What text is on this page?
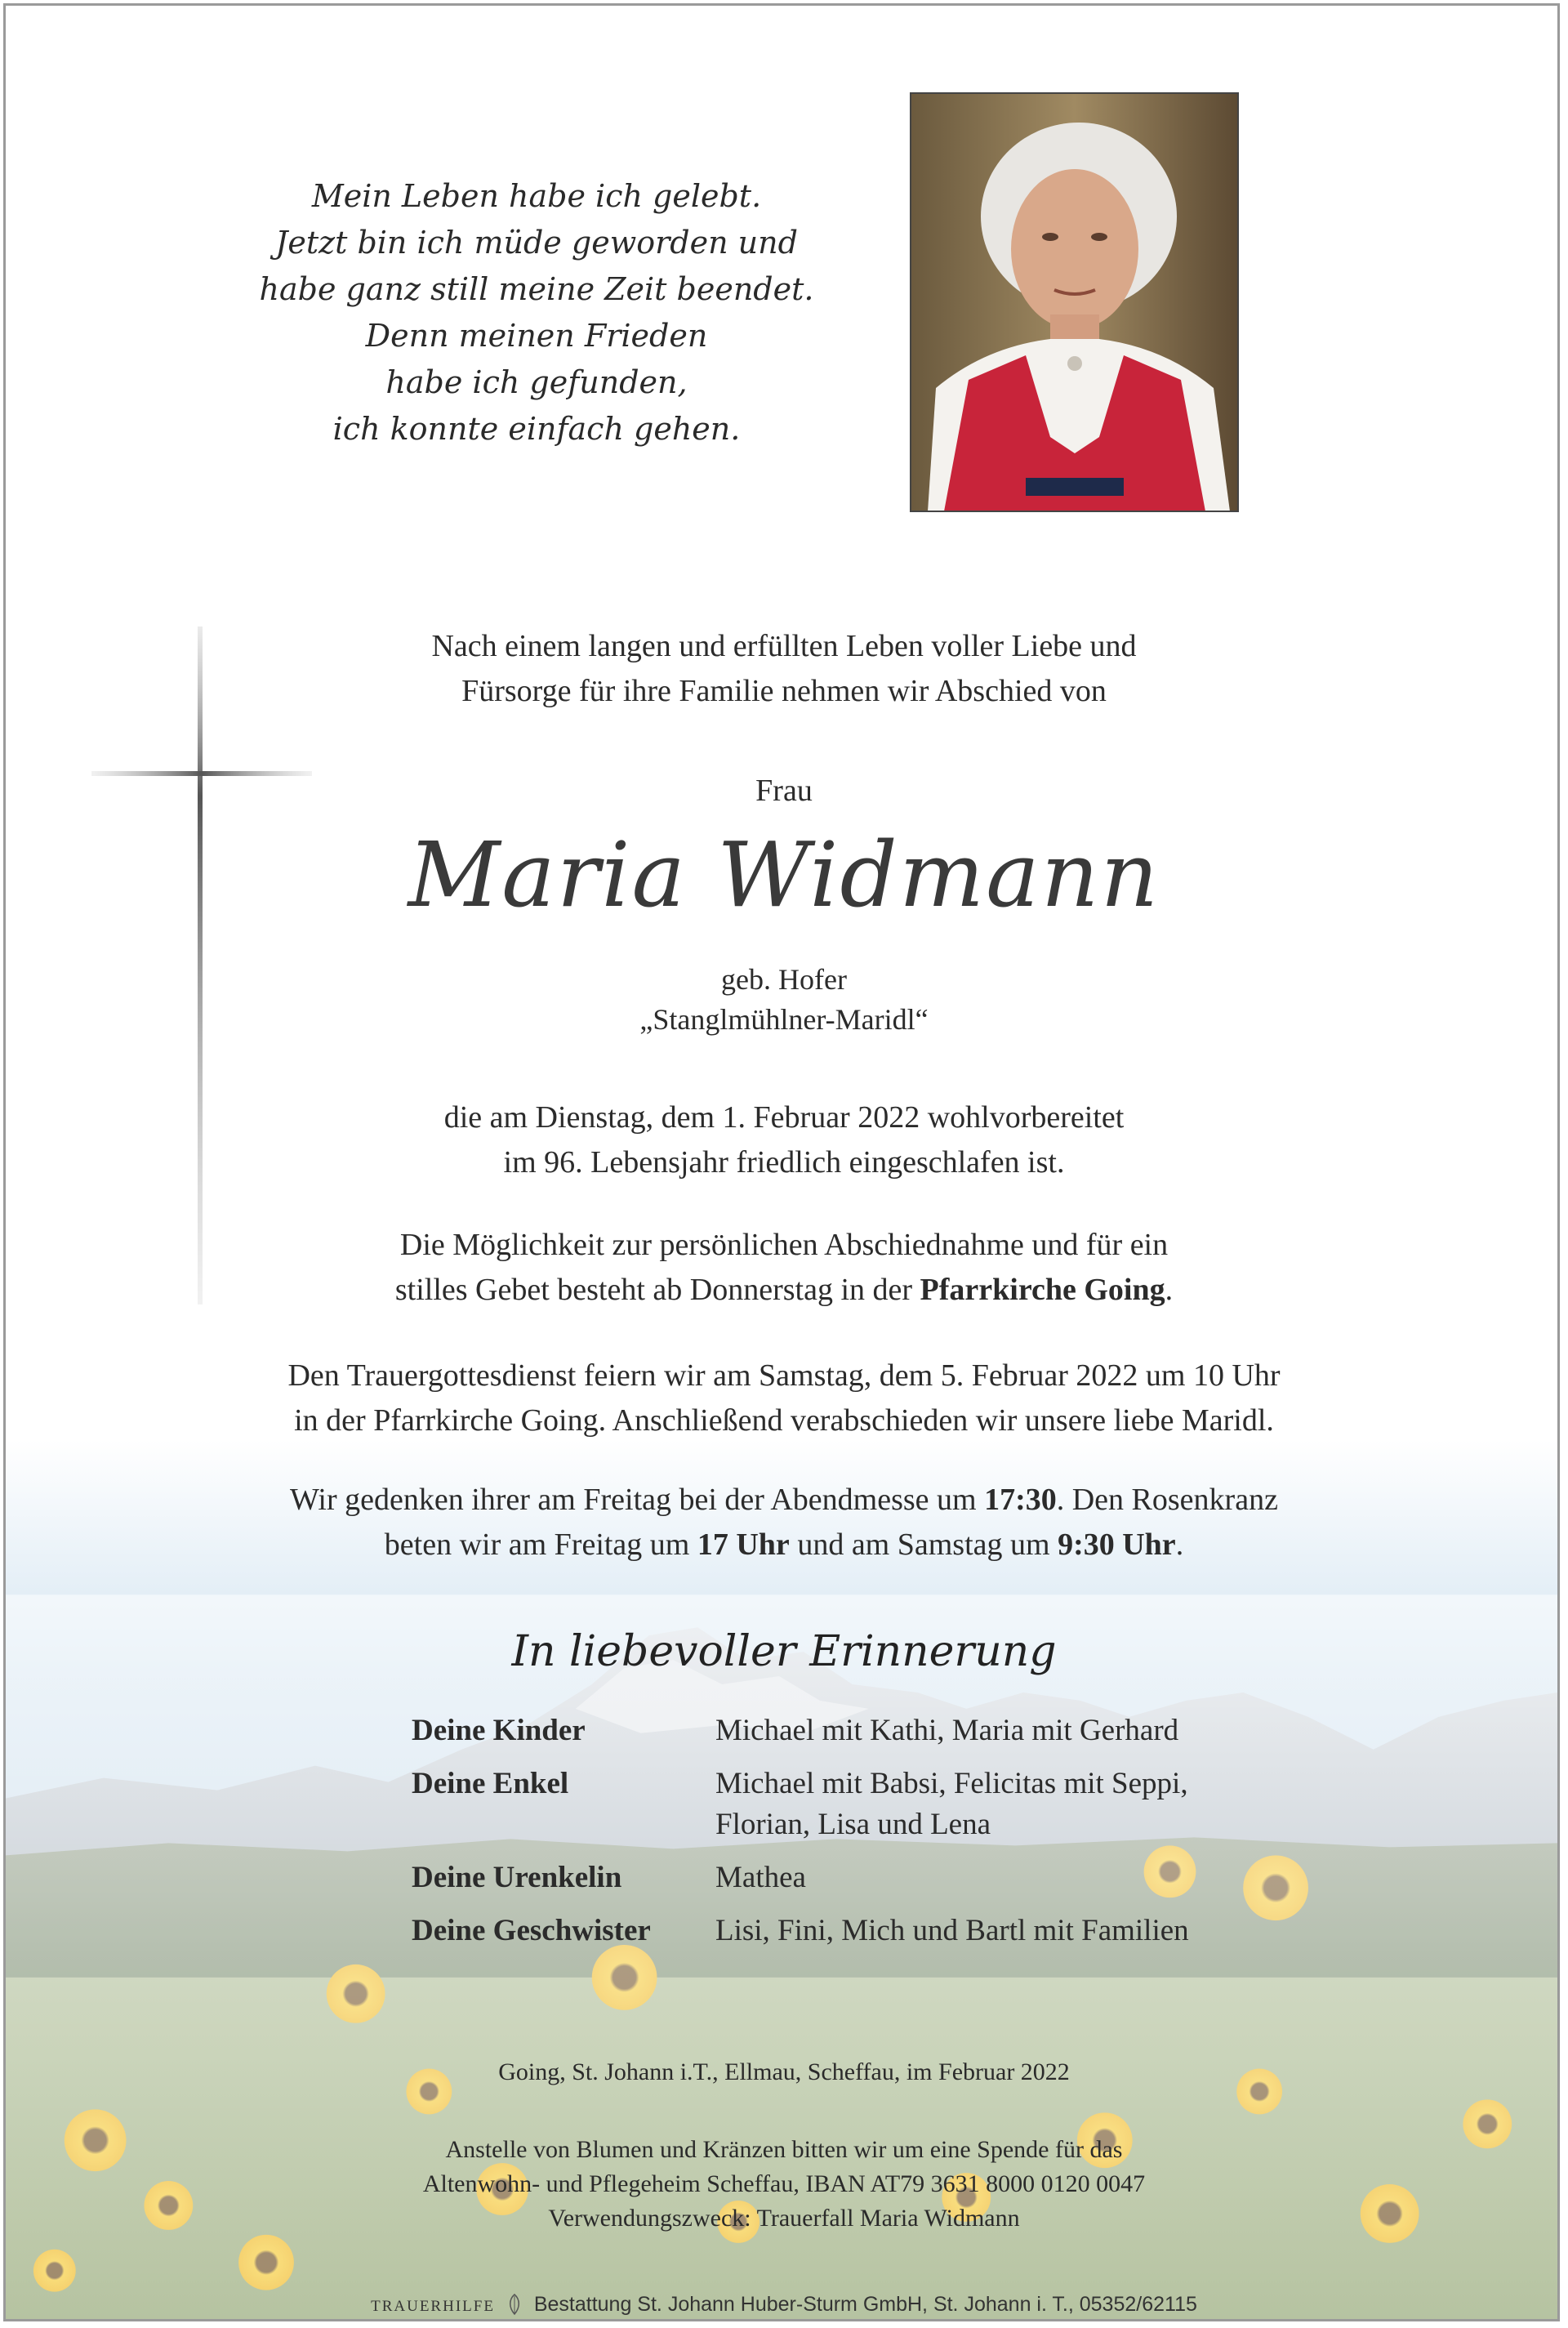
Mein Leben habe ich gelebt.
Jetzt bin ich müde geworden und
habe ganz still meine Zeit beendet.
Denn meinen Frieden
habe ich gefunden,
ich konnte einfach gehen.
Nach einem langen und erfüllten Leben voller Liebe und
Fürsorge für ihre Familie nehmen wir Abschied von
Frau
Maria Widmann
geb. Hofer
„Stanglmühlner-Maridl“
die am Dienstag, dem 1. Februar 2022 wohlvorbereitet
im 96. Lebensjahr friedlich eingeschlafen ist.
Die Möglichkeit zur persönlichen Abschiednahme und für ein
stilles Gebet besteht ab Donnerstag in der Pfarrkirche Going.
Den Trauergottesdienst feiern wir am Samstag, dem 5. Februar 2022 um 10 Uhr
in der Pfarrkirche Going. Anschließend verabschieden wir unsere liebe Maridl.
Wir gedenken ihrer am Freitag bei der Abendmesse um 17:30. Den Rosenkranz
beten wir am Freitag um 17 Uhr und am Samstag um 9:30 Uhr.
In liebevoller Erinnerung
Deine Kinder	Michael mit Kathi, Maria mit Gerhard
Deine Enkel	Michael mit Babsi, Felicitas mit Seppi,
Florian, Lisa und Lena
Deine Urenkelin	Mathea
Deine Geschwister	Lisi, Fini, Mich und Bartl mit Familien
Going, St. Johann i.T., Ellmau, Scheffau, im Februar 2022
Anstelle von Blumen und Kränzen bitten wir um eine Spende für das
Altenwohn- und Pflegeheim Scheffau, IBAN AT79 3631 8000 0120 0047
Verwendungszweck: Trauerfall Maria Widmann
TRAUERHILFE Bestattung St. Johann Huber-Sturm GmbH, St. Johann i. T., 05352/62115
